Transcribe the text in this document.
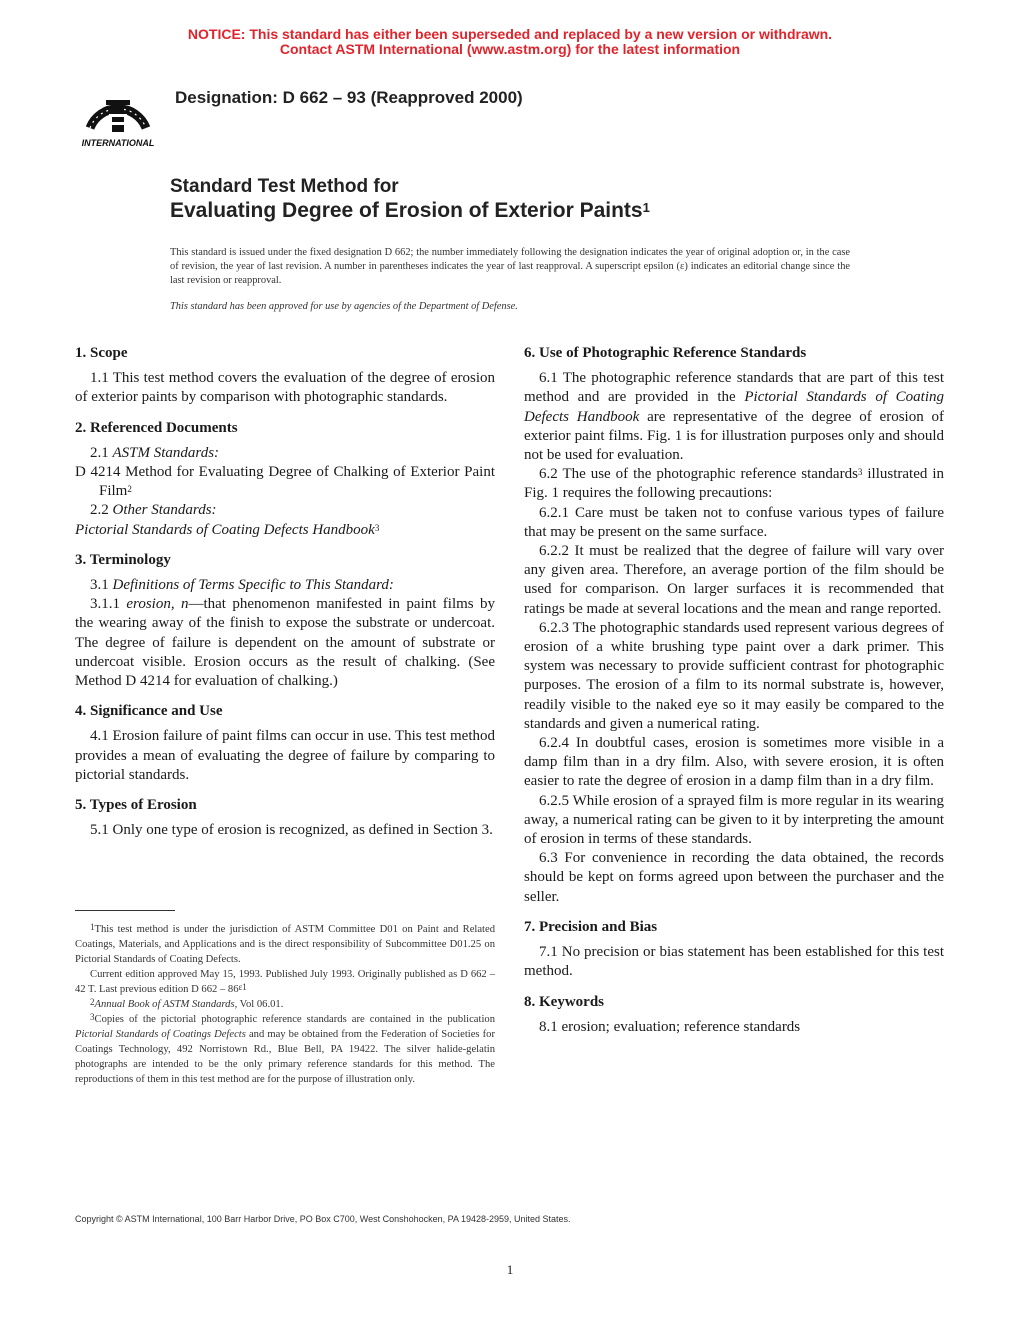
NOTICE: This standard has either been superseded and replaced by a new version or withdrawn.
Contact ASTM International (www.astm.org) for the latest information
INTERNATIONAL
Designation: D 662 – 93 (Reapproved 2000)
Standard Test Method for
Evaluating Degree of Erosion of Exterior Paints$^1$
This standard is issued under the fixed designation D 662; the number immediately following the designation indicates the year of original adoption or, in the case of revision, the year of last revision. A number in parentheses indicates the year of last reapproval. A superscript epsilon (ε) indicates an editorial change since the last revision or reapproval.
This standard has been approved for use by agencies of the Department of Defense.
1. Scope

1.1 This test method covers the evaluation of the degree of erosion of exterior paints by comparison with photographic standards.

2. Referenced Documents

2.1 ASTM Standards:

D 4214 Method for Evaluating Degree of Chalking of Exterior Paint Film$^2$

2.2 Other Standards:

Pictorial Standards of Coating Defects Handbook$^3$

3. Terminology

3.1 Definitions of Terms Specific to This Standard:

3.1.1 erosion, n—that phenomenon manifested in paint films by the wearing away of the finish to expose the substrate or undercoat. The degree of failure is dependent on the amount of substrate or undercoat visible. Erosion occurs as the result of chalking. (See Method D 4214 for evaluation of chalking.)

4. Significance and Use

4.1 Erosion failure of paint films can occur in use. This test method provides a mean of evaluating the degree of failure by comparing to pictorial standards.

5. Types of Erosion

5.1 Only one type of erosion is recognized, as defined in Section 3.

$^1$This test method is under the jurisdiction of ASTM Committee D01 on Paint and Related Coatings, Materials, and Applications and is the direct responsibility of Subcommittee D01.25 on Pictorial Standards of Coating Defects.

Current edition approved May 15, 1993. Published July 1993. Originally published as D 662 – 42 T. Last previous edition D $662 - 86^{\varepsilon 1}$

$^2$Annual Book of ASTM Standards, Vol 06.01.

$^3$Copies of the pictorial photographic reference standards are contained in the publication Pictorial Standards of Coatings Defects and may be obtained from the Federation of Societies for Coatings Technology, 492 Norristown Rd., Blue Bell, PA 19422. The silver halide-gelatin photographs are intended to be the only primary reference standards for this method. The reproductions of them in this test method are for the purpose of illustration only.

6. Use of Photographic Reference Standards

6.1 The photographic reference standards that are part of this test method and are provided in the Pictorial Standards of Coating Defects Handbook are representative of the degree of erosion of exterior paint films. Fig. 1 is for illustration purposes only and should not be used for evaluation.

6.2 The use of the photographic reference standards$^3$ illustrated in Fig. 1 requires the following precautions:

6.2.1 Care must be taken not to confuse various types of failure that may be present on the same surface.

6.2.2 It must be realized that the degree of failure will vary over any given area. Therefore, an average portion of the film should be used for comparison. On larger surfaces it is recommended that ratings be made at several locations and the mean and range reported.

6.2.3 The photographic standards used represent various degrees of erosion of a white brushing type paint over a dark primer. This system was necessary to provide sufficient contrast for photographic purposes. The erosion of a film to its normal substrate is, however, readily visible to the naked eye so it may easily be compared to the standards and given a numerical rating.

6.2.4 In doubtful cases, erosion is sometimes more visible in a damp film than in a dry film. Also, with severe erosion, it is often easier to rate the degree of erosion in a damp film than in a dry film.

6.2.5 While erosion of a sprayed film is more regular in its wearing away, a numerical rating can be given to it by interpreting the amount of erosion in terms of these standards.

6.3 For convenience in recording the data obtained, the records should be kept on forms agreed upon between the purchaser and the seller.

7. Precision and Bias

7.1 No precision or bias statement has been established for this test method.

8. Keywords

8.1 erosion; evaluation; reference standards

Copyright © ASTM International, 100 Barr Harbor Drive, PO Box C700, West Conshohocken, PA 19428-2959, United States.
1
